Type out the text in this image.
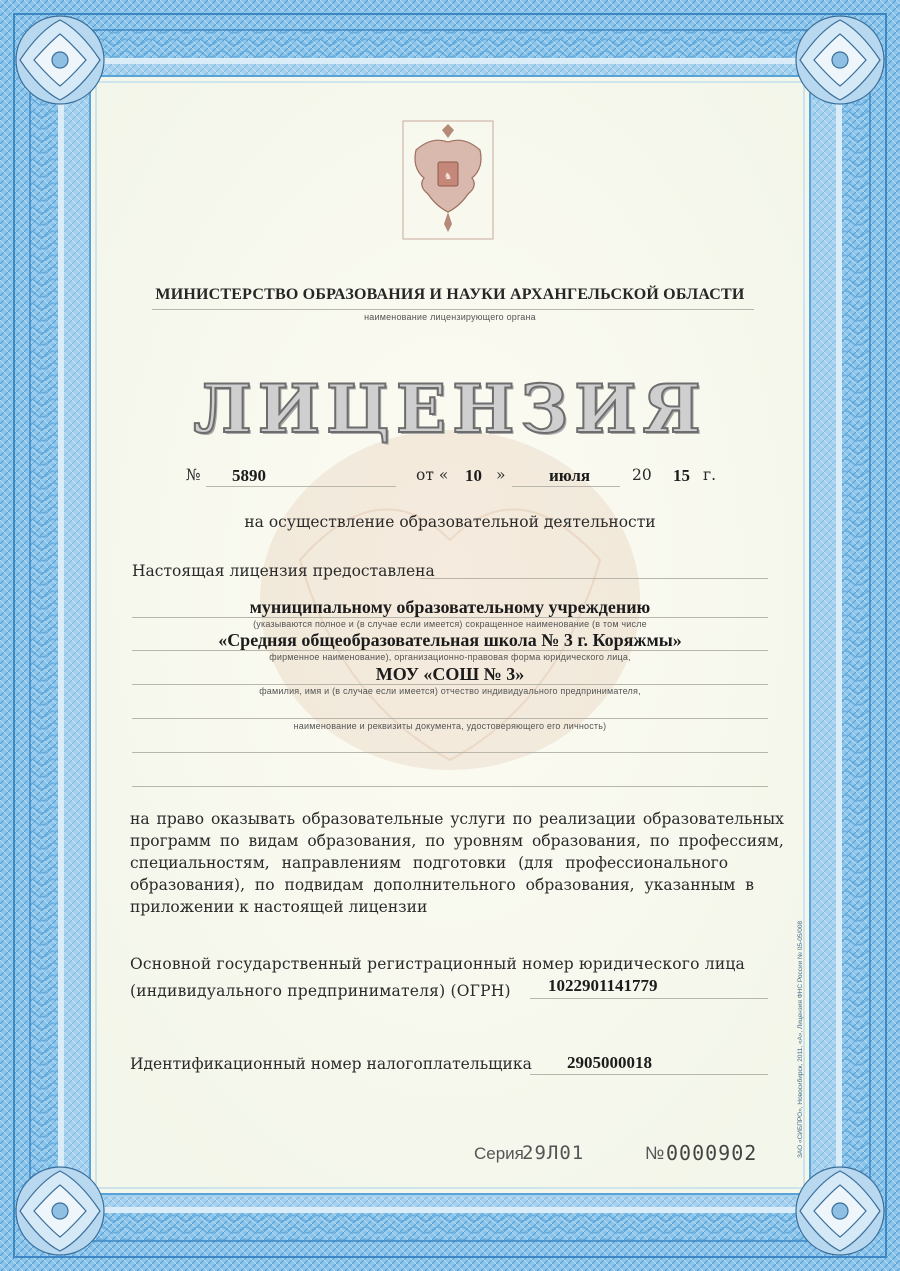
♞
МИНИСТЕРСТВО ОБРАЗОВАНИЯ И НАУКИ АРХАНГЕЛЬСКОЙ ОБЛАСТИ
наименование лицензирующего органа
ЛИЦЕНЗИЯ
№ 5890	от « 10 »	июля	20 15 г.
на осуществление образовательной деятельности
Настоящая лицензия предоставлена
муниципальному образовательному учреждению
(указываются полное и (в случае если имеется) сокращенное наименование (в том числе
«Средняя общеобразовательная школа № 3 г. Коряжмы»
фирменное наименование), организационно-правовая форма юридического лица,
МОУ «СОШ № 3»
фамилия, имя и (в случае если имеется) отчество индивидуального предпринимателя,
наименование и реквизиты документа, удостоверяющего его личность)
на право оказывать образовательные услуги по реализации образовательных
программ по видам образования, по уровням образования, по профессиям,
специальностям, направлениям подготовки (для профессионального
образования), по подвидам дополнительного образования, указанным в
приложении к настоящей лицензии
Основной государственный регистрационный номер юридического лица
(индивидуального предпринимателя) (ОГРН) 1022901141779
Идентификационный номер налогоплательщика 2905000018
Серия
29Л01	№ 0000902	ЗАО «СИБПРО», Новосибирск, 2011, «А», Лицензия ФНС России № 05-05/008
